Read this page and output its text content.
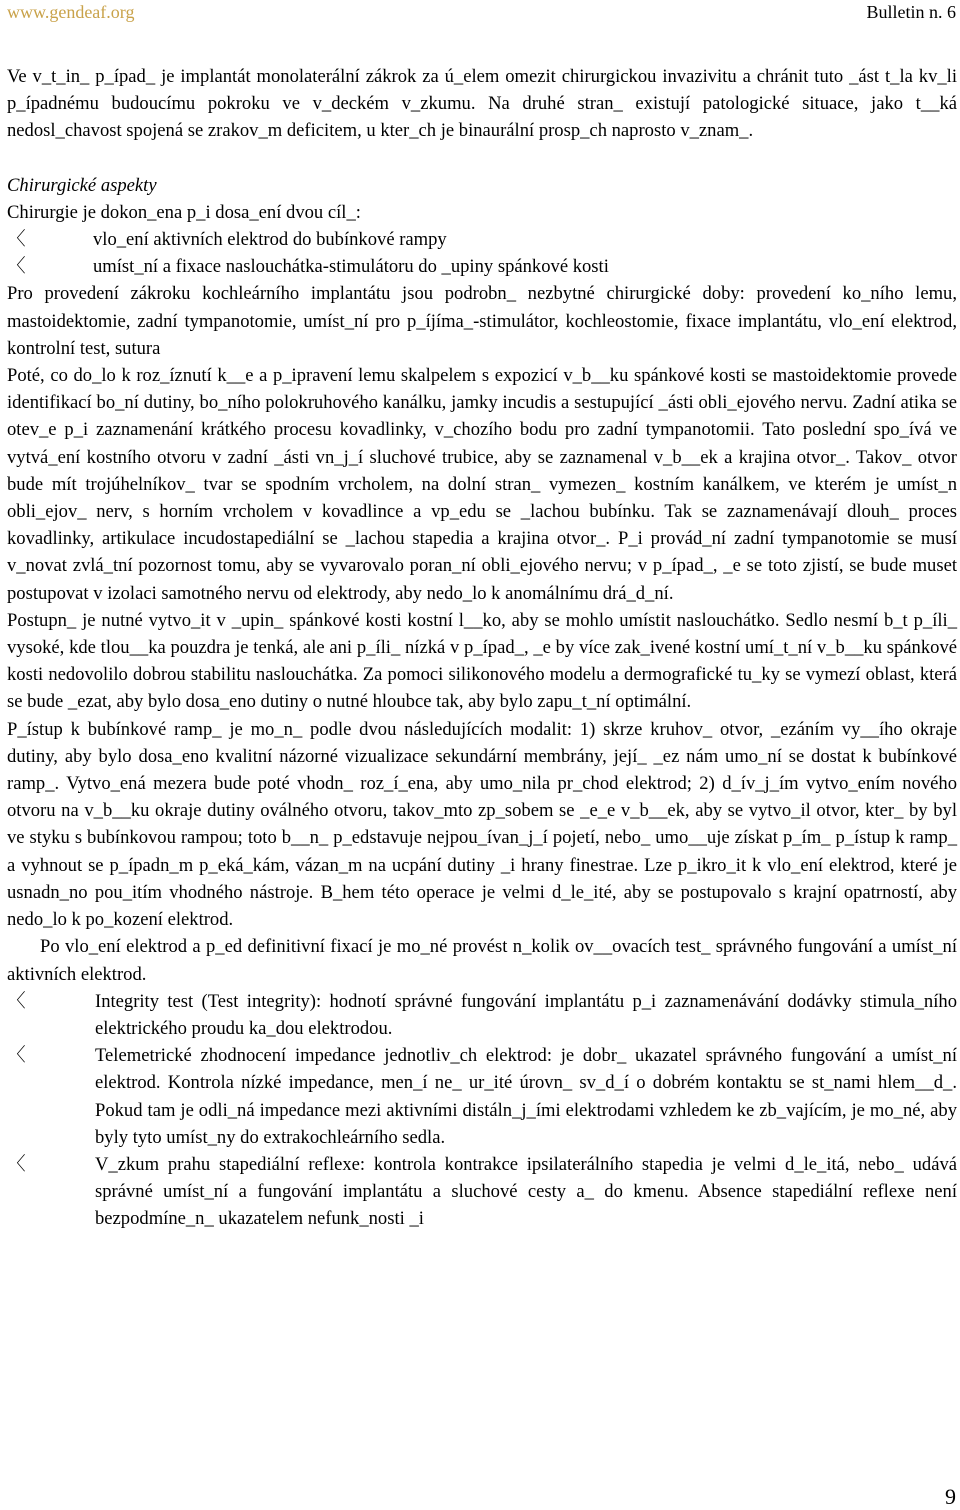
www.gendeaf.org	Bulletin n. 6

Ve v_t_in_ p_ípad_ je implantát monolaterální zákrok za ú_elem omezit chirurgickou invazivitu a chránit tuto _ást t_la kv_li p_ípadnému budoucímu pokroku ve v_deckém v_zkumu. Na druhé stran_ existují patologické situace, jako t__ká nedosl_chavost spojená se zrakov_m deficitem, u kter_ch je binaurální prosp_ch naprosto v_znam_.

Chirurgické aspekty

Chirurgie je dokon_ena p_i dosa_ení dvou cíl_:

〈	vlo_ení aktivních elektrod do bubínkové rampy
〈	umíst_ní a fixace naslouchátka-stimulátoru do _upiny spánkové kosti

Pro provedení zákroku kochleárního implantátu jsou podrobn_ nezbytné chirurgické doby: provedení ko_ního lemu, mastoidektomie, zadní tympanotomie, umíst_ní pro p_íjíma_-stimulátor, kochleostomie, fixace implantátu, vlo_ení elektrod, kontrolní test, sutura

Poté, co do_lo k roz_íznutí k__e a p_ipravení lemu skalpelem s expozicí v_b__ku spánkové kosti se mastoidektomie provede identifikací bo_ní dutiny, bo_ního polokruhového kanálku, jamky incudis a sestupující _ásti obli_ejového nervu. Zadní atika se otev_e p_i zaznamenání krátkého procesu kovadlinky, v_chozího bodu pro zadní tympanotomii. Tato poslední spo_ívá ve vytvá_ení kostního otvoru v zadní _ásti vn_j_í sluchové trubice, aby se zaznamenal v_b__ek a krajina otvor_. Takov_ otvor bude mít trojúhelníkov_ tvar se spodním vrcholem, na dolní stran_ vymezen_ kostním kanálkem, ve kterém je umíst_n obli_ejov_ nerv, s horním vrcholem v kovadlince a vp_edu se _lachou bubínku. Tak se zaznamenávají dlouh_ proces kovadlinky, artikulace incudostapediální se _lachou stapedia a krajina otvor_. P_i provád_ní zadní tympanotomie se musí v_novat zvlá_tní pozornost tomu, aby se vyvarovalo poran_ní obli_ejového nervu; v p_ípad_, _e se toto zjistí, se bude muset postupovat v izolaci samotného nervu od elektrody, aby nedo_lo k anomálnímu drá_d_ní.

Postupn_ je nutné vytvo_it v _upin_ spánkové kosti kostní l__ko, aby se mohlo umístit naslouchátko. Sedlo nesmí b_t p_íli_ vysoké, kde tlou__ka pouzdra je tenká, ale ani p_íli_ nízká v p_ípad_, _e by více zak_ivené kostní umí_t_ní v_b__ku spánkové kosti nedovolilo dobrou stabilitu naslouchátka. Za pomoci silikonového modelu a dermografické tu_ky se vymezí oblast, která se bude _ezat, aby bylo dosa_eno dutiny o nutné hloubce tak, aby bylo zapu_t_ní optimální.

P_ístup k bubínkové ramp_ je mo_n_ podle dvou následujících modalit: 1) skrze kruhov_ otvor, _ezáním vy__ího okraje dutiny, aby bylo dosa_eno kvalitní názorné vizualizace sekundární membrány, její_ _ez nám umo_ní se dostat k bubínkové ramp_. Vytvo_ená mezera bude poté vhodn_ roz_í_ena, aby umo_nila pr_chod elektrod; 2) d_ív_j_ím vytvo_ením nového otvoru na v_b__ku okraje dutiny oválného otvoru, takov_mto zp_sobem se _e_e v_b__ek, aby se vytvo_il otvor, kter_ by byl ve styku s bubínkovou rampou; toto b__n_ p_edstavuje nejpou_ívan_j_í pojetí, nebo_ umo__uje získat p_ím_ p_ístup k ramp_ a vyhnout se p_ípadn_m p_eká_kám, vázan_m na ucpání dutiny _i hrany finestrae. Lze p_ikro_it k vlo_ení elektrod, které je usnadn_no pou_itím vhodného nástroje. B_hem této operace je velmi d_le_ité, aby se postupovalo s krajní opatrností, aby nedo_lo k po_kození elektrod.

Po vlo_ení elektrod a p_ed definitivní fixací je mo_né provést n_kolik ov__ovacích test_ správného fungování a umíst_ní aktivních elektrod.

〈	Integrity test (Test integrity): hodnotí správné fungování implantátu p_i zaznamenávání dodávky stimula_ního elektrického proudu ka_dou elektrodou.
〈	Telemetrické zhodnocení impedance jednotliv_ch elektrod: je dobr_ ukazatel správného fungování a umíst_ní elektrod. Kontrola nízké impedance, men_í ne_ ur_ité úrovn_ sv_d_í o dobrém kontaktu se st_nami hlem__d_. Pokud tam je odli_ná impedance mezi aktivními distáln_j_ími elektrodami vzhledem ke zb_vajícím, je mo_né, aby byly tyto umíst_ny do extrakochleárního sedla.
〈	V_zkum prahu stapediální reflexe: kontrola kontrakce ipsilaterálního stapedia je velmi d_le_itá, nebo_ udává správné umíst_ní a fungování implantátu a sluchové cesty a_ do kmenu. Absence stapediální reflexe není bezpodmíne_n_ ukazatelem nefunk_nosti _i
9
